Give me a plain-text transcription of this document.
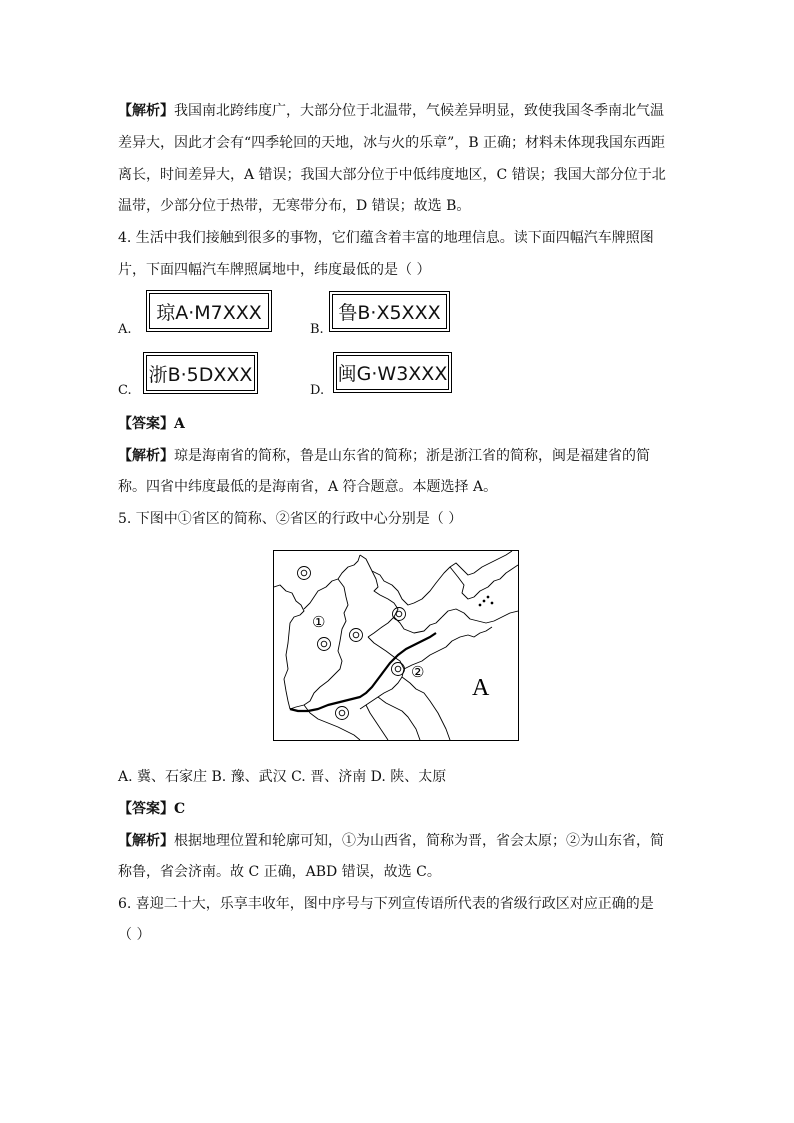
【解析】我国南北跨纬度广，大部分位于北温带，气候差异明显，致使我国冬季南北气温
差异大，因此才会有“四季轮回的天地，冰与火的乐章”，B 正确；材料未体现我国东西距
离长，时间差异大，A 错误；我国大部分位于中低纬度地区，C 错误；我国大部分位于北
温带，少部分位于热带，无寒带分布，D 错误；故选 B。
4. 生活中我们接触到很多的事物，它们蕴含着丰富的地理信息。读下面四幅汽车牌照图
片，下面四幅汽车牌照属地中，纬度最低的是（ ）
A.
琼A·M7XXX
B.
鲁B·X5XXX
C.
浙B·5DXXX
D.
闽G·W3XXX
【答案】A
【解析】琼是海南省的简称，鲁是山东省的简称；浙是浙江省的简称，闽是福建省的简
称。四省中纬度最低的是海南省，A 符合题意。本题选择 A。
5. 下图中①省区的简称、②省区的行政中心分别是（ ）
①
②
A
A. 冀、石家庄 B. 豫、武汉 C. 晋、济南 D. 陕、太原
【答案】C
【解析】根据地理位置和轮廓可知，①为山西省，简称为晋，省会太原；②为山东省，简
称鲁，省会济南。故 C 正确，ABD 错误，故选 C。
6. 喜迎二十大，乐享丰收年，图中序号与下列宣传语所代表的省级行政区对应正确的是
（ ）
